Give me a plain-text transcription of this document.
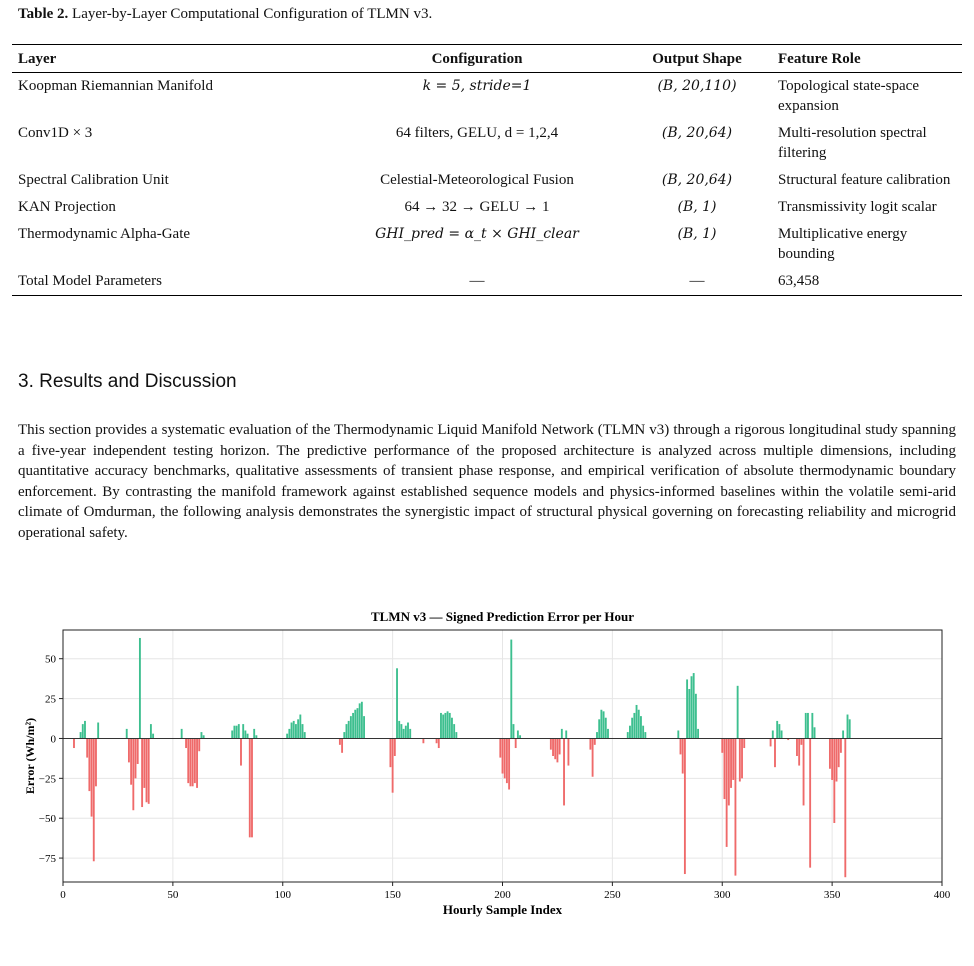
Table 2. Layer-by-Layer Computational Configuration of TLMN v3.
Layer	Configuration	Output Shape	Feature Role
Koopman Riemannian Manifold	k = 5, stride=1	(B, 20,110)	Topological state-space expansion
Conv1D × 3	64 filters, GELU, d = 1,2,4	(B, 20,64)	Multi-resolution spectral filtering
Spectral Calibration Unit	Celestial-Meteorological Fusion	(B, 20,64)	Structural feature calibration
KAN Projection	64 → 32 → GELU → 1	(B, 1)	Transmissivity logit scalar
Thermodynamic Alpha-Gate	GHI_pred = α_t × GHI_clear	(B, 1)	Multiplicative energy bounding
Total Model Parameters	—	—	63,458
3. Results and Discussion
This section provides a systematic evaluation of the Thermodynamic Liquid Manifold Network (TLMN v3) through a rigorous longitudinal study spanning a five-year independent testing horizon. The predictive performance of the proposed architecture is analyzed across multiple dimensions, including quantitative accuracy benchmarks, qualitative assessments of transient phase response, and empirical verification of absolute thermodynamic boundary enforcement. By contrasting the manifold framework against established sequence models and physics-informed baselines within the volatile semi-arid climate of Omdurman, the following analysis demonstrates the synergistic impact of structural physical governing on forecasting reliability and microgrid operational safety.
0	50	100	150	200	250	300	350	400
50
25
0
−25
−50
−75
TLMN v3 — Signed Prediction Error per Hour
Hourly Sample Index
Error (Wh/m²)
